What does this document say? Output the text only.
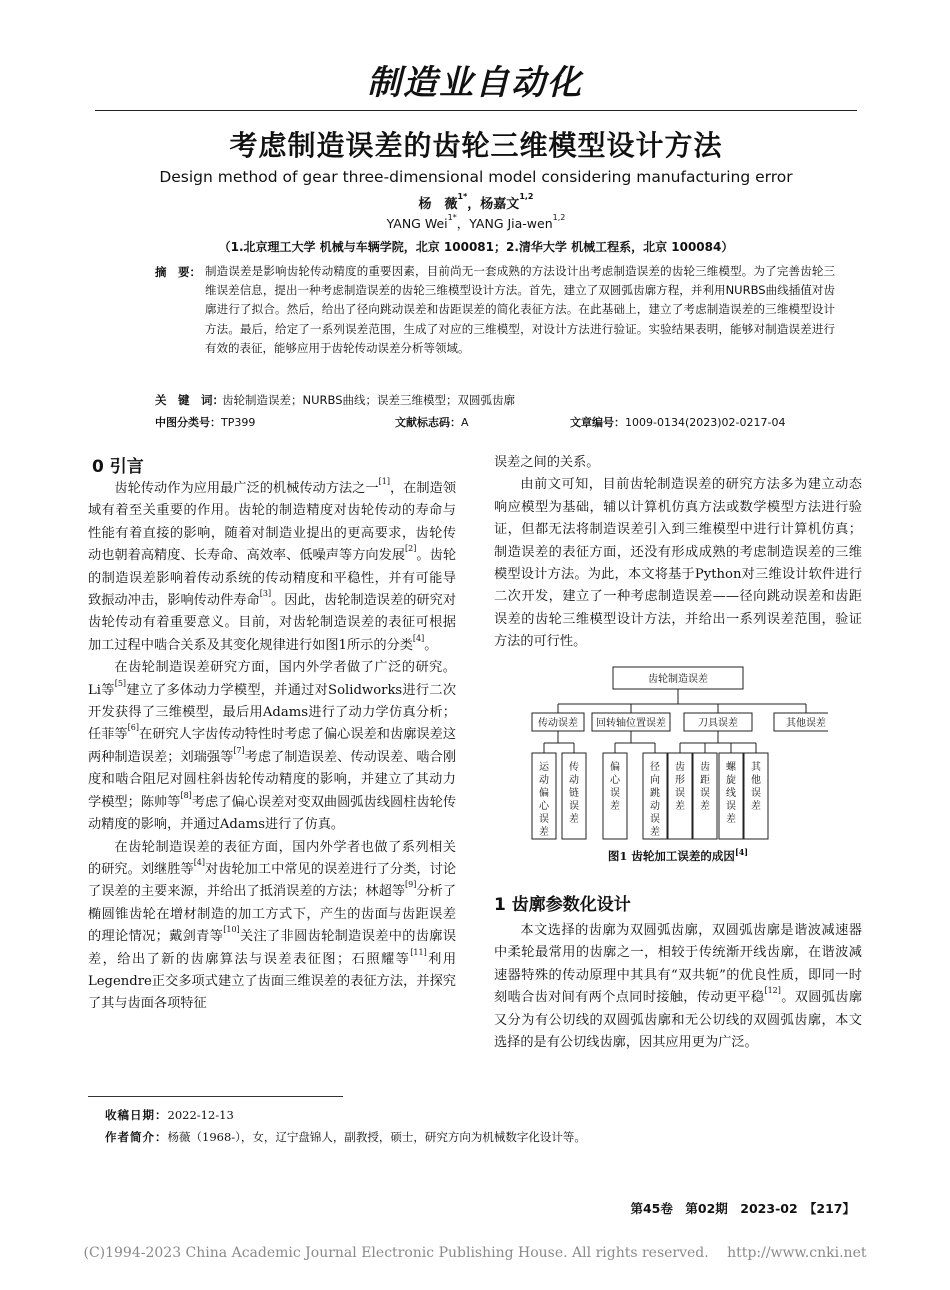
制造业自动化
考虑制造误差的齿轮三维模型设计方法
Design method of gear three-dimensional model considering manufacturing error
杨　薇$^{1*}$，杨嘉文$^{1,2}$
YANG Wei$^{1*}$，YANG Jia-wen$^{1,2}$
（1.北京理工大学 机械与车辆学院，北京 100081；2.清华大学 机械工程系，北京 100084）
摘　要： 制造误差是影响齿轮传动精度的重要因素，目前尚无一套成熟的方法设计出考虑制造误差的齿轮三维模型。为了完善齿轮三维误差信息，提出一种考虑制造误差的齿轮三维模型设计方法。首先，建立了双圆弧齿廓方程，并利用NURBS曲线插值对齿廓进行了拟合。然后，给出了径向跳动误差和齿距误差的简化表征方法。在此基础上，建立了考虑制造误差的三维模型设计方法。最后，给定了一系列误差范围，生成了对应的三维模型，对设计方法进行验证。实验结果表明，能够对制造误差进行有效的表征，能够应用于齿轮传动误差分析等领域。
关　键　词：
齿轮制造误差；NURBS曲线；误差三维模型；双圆弧齿廓
中图分类号：TP399	文献标志码：A	文章编号：1009-0134(2023)02-0217-04
0 引言

齿轮传动作为应用最广泛的机械传动方法之一[1]，在制造领域有着至关重要的作用。齿轮的制造精度对齿轮传动的寿命与性能有着直接的影响，随着对制造业提出的更高要求，齿轮传动也朝着高精度、长寿命、高效率、低噪声等方向发展[2]。齿轮的制造误差影响着传动系统的传动精度和平稳性，并有可能导致振动冲击，影响传动件寿命[3]。因此，齿轮制造误差的研究对齿轮传动有着重要意义。目前，对齿轮制造误差的表征可根据加工过程中啮合关系及其变化规律进行如图1所示的分类[4]。

在齿轮制造误差研究方面，国内外学者做了广泛的研究。Li等[5]建立了多体动力学模型，并通过对Solidworks进行二次开发获得了三维模型，最后用Adams进行了动力学仿真分析；任菲等[6]在研究人字齿传动特性时考虑了偏心误差和齿廓误差这两种制造误差；刘瑞强等[7]考虑了制造误差、传动误差、啮合刚度和啮合阻尼对圆柱斜齿轮传动精度的影响，并建立了其动力学模型；陈帅等[8]考虑了偏心误差对变双曲圆弧齿线圆柱齿轮传动精度的影响，并通过Adams进行了仿真。

在齿轮制造误差的表征方面，国内外学者也做了系列相关的研究。刘继胜等[4]对齿轮加工中常见的误差进行了分类，讨论了误差的主要来源，并给出了抵消误差的方法；林超等[9]分析了椭圆锥齿轮在增材制造的加工方式下，产生的齿面与齿距误差的理论情况；戴剑青等[10]关注了非圆齿轮制造误差中的齿廓误差，给出了新的齿廓算法与误差表征图；石照耀等[11]利用Legendre正交多项式建立了齿面三维误差的表征方法，并探究了其与齿面各项特征

误差之间的关系。

由前文可知，目前齿轮制造误差的研究方法多为建立动态响应模型为基础，辅以计算机仿真方法或数学模型方法进行验证，但都无法将制造误差引入到三维模型中进行计算机仿真；制造误差的表征方面，还没有形成成熟的考虑制造误差的三维模型设计方法。为此，本文将基于Python对三维设计软件进行二次开发，建立了一种考虑制造误差——径向跳动误差和齿距误差的齿轮三维模型设计方法，并给出一系列误差范围，验证方法的可行性。

齿轮制造误差
传动误差 回转轴位置误差	刀具误差	其他误差
运动偏心误差
传动链误差
偏心误差
径向跳动误差
齿形误差
齿距误差
螺旋线误差
其他误差
图1 齿轮加工误差的成因[4]
1 齿廓参数化设计

本文选择的齿廓为双圆弧齿廓，双圆弧齿廓是谐波减速器中柔轮最常用的齿廓之一，相较于传统渐开线齿廓，在谐波减速器特殊的传动原理中其具有“双共轭”的优良性质，即同一时刻啮合齿对间有两个点同时接触，传动更平稳[12]。双圆弧齿廓又分为有公切线的双圆弧齿廓和无公切线的双圆弧齿廓，本文选择的是有公切线齿廓，因其应用更为广泛。

收稿日期：2022-12-13
作者简介：杨薇（1968-），女，辽宁盘锦人，副教授，硕士，研究方向为机械数字化设计等。
第45卷　第02期　2023-02　【217】
(C)1994-2023 China Academic Journal Electronic Publishing House. All rights reserved.　 http://www.cnki.net
